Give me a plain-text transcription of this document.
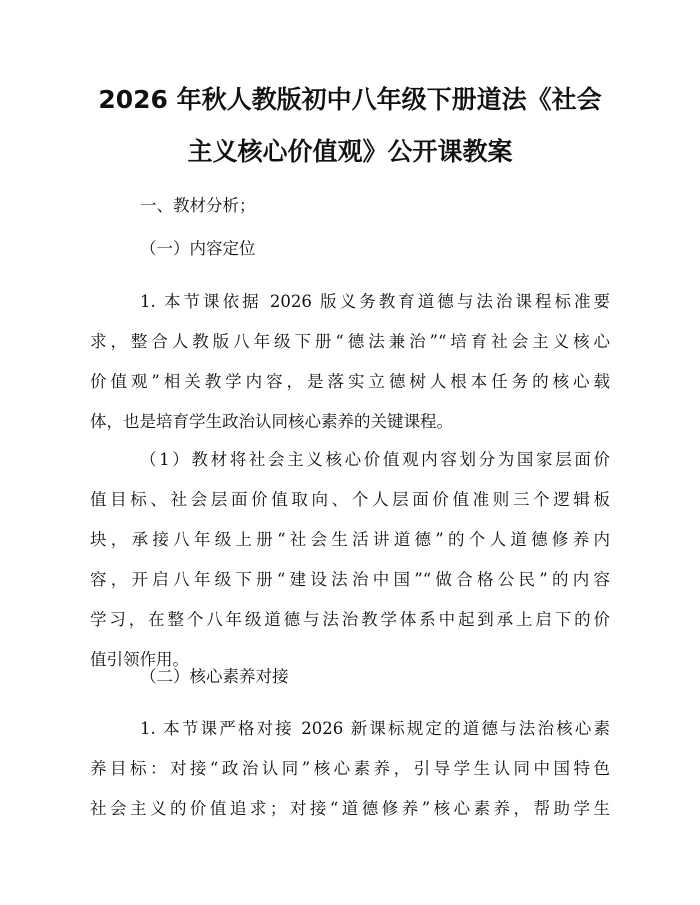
2026 年秋人教版初中八年级下册道法《社会
主义核心价值观》公开课教案

一、教材分析；

（一）内容定位

1. 本节课依据 2026 版义务教育道德与法治课程标准要
求，整合人教版八年级下册“德法兼治”“培育社会主义核心
价值观”相关教学内容，是落实立德树人根本任务的核心载
体，也是培育学生政治认同核心素养的关键课程。
（1）教材将社会主义核心价值观内容划分为国家层面价
值目标、社会层面价值取向、个人层面价值准则三个逻辑板
块，承接八年级上册“社会生活讲道德”的个人道德修养内
容，开启八年级下册“建设法治中国”“做合格公民”的内容
学习，在整个八年级道德与法治教学体系中起到承上启下的价
值引领作用。

（二）核心素养对接

1. 本节课严格对接 2026 新课标规定的道德与法治核心素
养目标：对接“政治认同”核心素养，引导学生认同中国特色
社会主义的价值追求；对接“道德修养”核心素养，帮助学生
